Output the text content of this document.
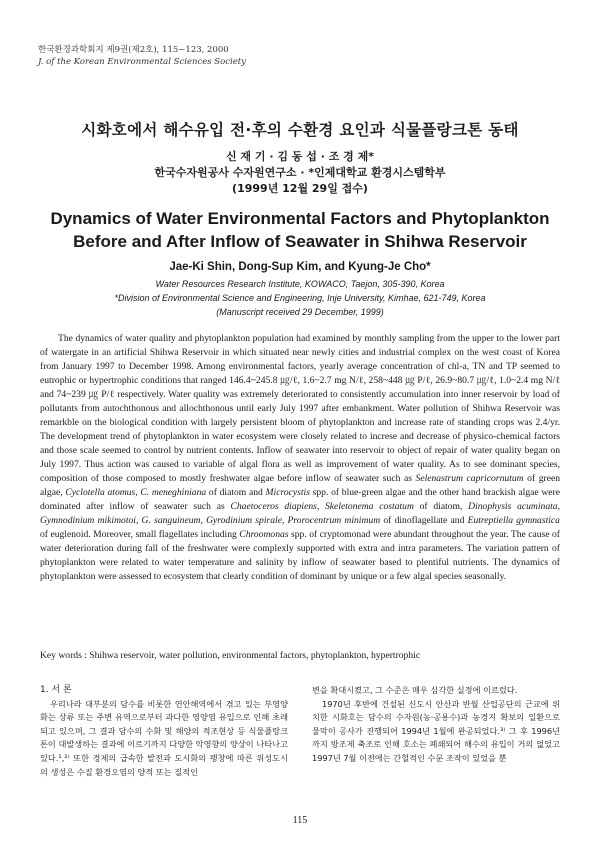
한국환경과학회지 제9권(제2호), 115~123, 2000
J. of the Korean Environmental Sciences Society
시화호에서 해수유입 전·후의 수환경 요인과 식물플랑크톤 동태
신 재 기 · 김 동 섭 · 조 경 제*
한국수자원공사 수자원연구소 · *인제대학교 환경시스템학부
(1999년 12월 29일 접수)
Dynamics of Water Environmental Factors and Phytoplankton
Before and After Inflow of Seawater in Shihwa Reservoir
Jae-Ki Shin, Dong-Sup Kim, and Kyung-Je Cho*
Water Resources Research Institute, KOWACO, Taejon, 305-390, Korea
*Division of Environmental Science and Engineering, Inje University, Kimhae, 621-749, Korea
(Manuscript received 29 December, 1999)

The dynamics of water quality and phytoplankton population had examined by monthly sampling from the upper to the lower part of watergate in an artificial Shihwa Reservoir in which situated near newly cities and industrial complex on the west coast of Korea from January 1997 to December 1998. Among environmental factors, yearly average concentration of chl-a, TN and TP seemed to eutrophic or hypertrophic conditions that ranged 146.4~245.8 ㎍/ℓ, 1.6~2.7 mg N/ℓ, 258~448 ㎍ P/ℓ, 26.9~80.7 ㎍/ℓ, 1.0~2.4 mg N/ℓ and 74~239 ㎍ P/ℓ respectively. Water quality was extremely deteriorated to consistently accumulation into inner reservoir by load of pollutants from autochthonous and allochthonous until early July 1997 after embankment. Water pollution of Shihwa Reservoir was remarkble on the biological condition with largely persistent bloom of phytoplankton and increase rate of standing crops was 2.4/yr. The development trend of phytoplankton in water ecosystem were closely related to increse and decrease of physico-chemical factors and those scale seemed to control by nutrient contents. Inflow of seawater into reservoir to object of repair of water quality began on July 1997. Thus action was caused to variable of algal flora as well as improvement of water quality. As to see dominant species, composition of those composed to mostly freshwater algae before inflow of seawater such as Selenastrum capricornutum of green algae, Cyclotella atomus, C. meneghiniana of diatom and Microcystis spp. of blue-green algae and the other hand brackish algae were dominated after inflow of seawater such as Chaetoceros diapiens, Skeletonema costatum of diatom, Dinophysis acuminata, Gymnodinium mikimotoi, G. sanguineum, Gyrodinium spirale, Prorocentrum minimum of dinoflagellate and Eutreptiella gymnastica of euglenoid. Moreover, small flagellates including Chroomonas spp. of cryptomonad were abundant throughout the year. The cause of water deterioration during fall of the freshwater were complexly supported with extra and intra parameters. The variation pattern of phytoplankton were related to water temperature and salinity by inflow of seawater based to plentiful nutrients. The dynamics of phytoplankton were assessed to ecosystem that clearly condition of dominant by unique or a few algal species seasonally.

Key words : Shihwa reservoir, water pollution, environmental factors, phytoplankton, hypertrophic

1. 서 론

우리나라 대부분의 담수를 비롯한 연안해역에서 겪고 있는 부영양화는 상류 또는 주변 유역으로부터 과다한 영양염 유입으로 인해 초래되고 있으며, 그 결과 담수의 수화 및 해양의 적조현상 등 식물플랑크톤이 대발생하는 결과에 이르기까지 다양한 악영향의 양상이 나타나고 있다.¹,²⁾ 또한 경제의 급속한 발전과 도시화의 팽창에 따른 위성도시의 생성은 수질 환경오염의 양적 또는 질적인

변을 확대시켰고, 그 수준은 매우 심각한 실정에 이르렀다.

1970년 후반에 건설된 신도시 안산과 반월 산업공단의 근교에 위치한 시화호는 담수의 수자원(농·공용수)과 농경지 확보의 일환으로 물막이 공사가 진행되어 1994년 1월에 완공되었다.³⁾ 그 후 1996년까지 방조제 축조로 인해 호소는 폐쇄되어 해수의 유입이 거의 없었고 1997년 7월 이전에는 간헐적인 수문 조작이 있었을 뿐

115
